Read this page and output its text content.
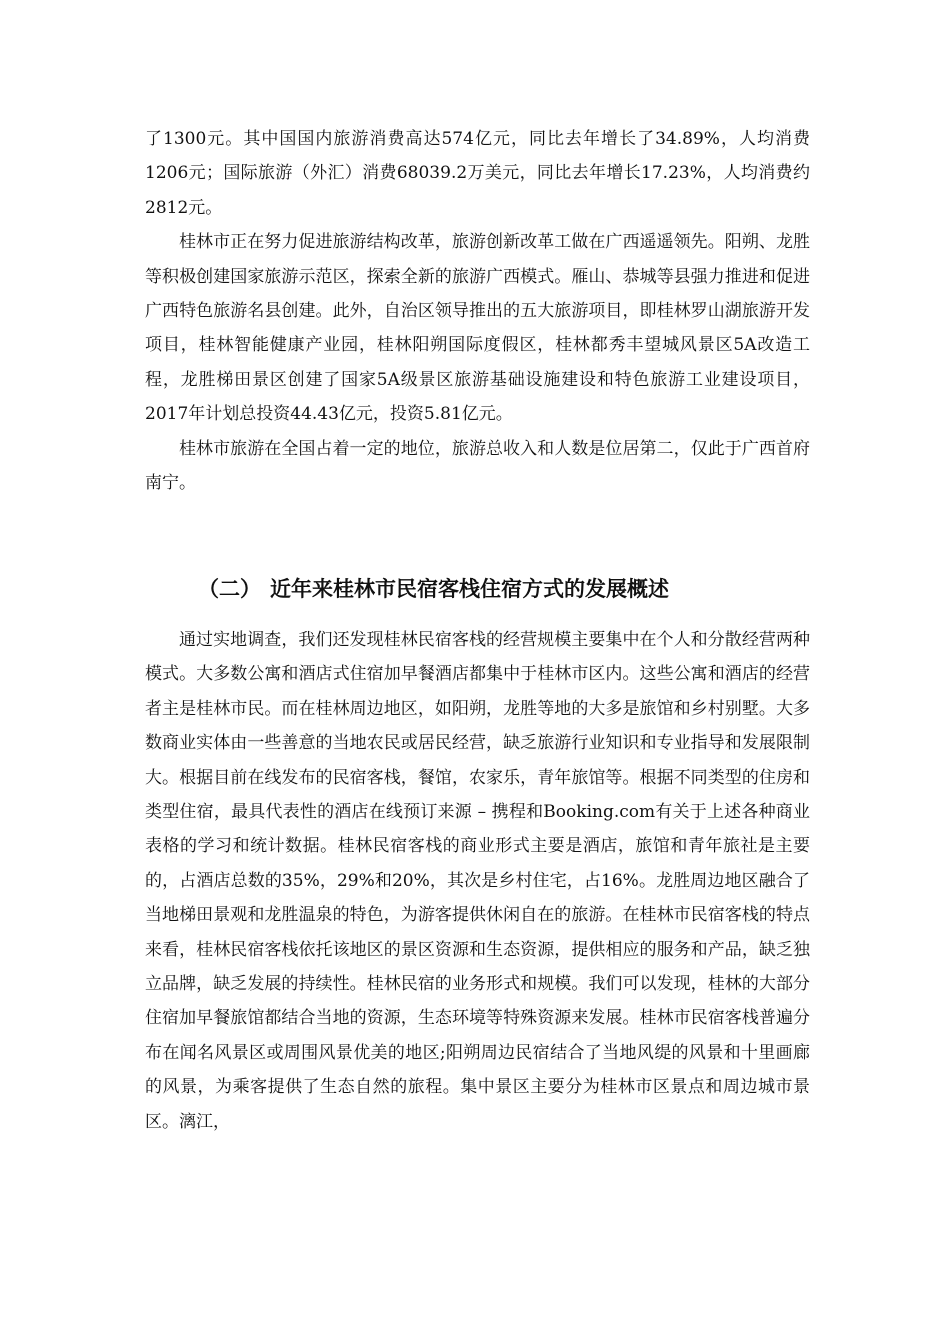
了1300元。其中国国内旅游消费高达574亿元，同比去年增长了34.89%，人均消费1206元；国际旅游（外汇）消费68039.2万美元，同比去年增长17.23%，人均消费约2812元。

桂林市正在努力促进旅游结构改革，旅游创新改革工做在广西遥遥领先。阳朔、龙胜等积极创建国家旅游示范区，探索全新的旅游广西模式。雁山、恭城等县强力推进和促进广西特色旅游名县创建。此外，自治区领导推出的五大旅游项目，即桂林罗山湖旅游开发项目，桂林智能健康产业园，桂林阳朔国际度假区，桂林都秀丰望城风景区5A改造工程，龙胜梯田景区创建了国家5A级景区旅游基础设施建设和特色旅游工业建设项目，2017年计划总投资44.43亿元，投资5.81亿元。

桂林市旅游在全国占着一定的地位，旅游总收入和人数是位居第二，仅此于广西首府南宁。

（二） 近年来桂林市民宿客栈住宿方式的发展概述

通过实地调查，我们还发现桂林民宿客栈的经营规模主要集中在个人和分散经营两种模式。大多数公寓和酒店式住宿加早餐酒店都集中于桂林市区内。这些公寓和酒店的经营者主是桂林市民。而在桂林周边地区，如阳朔，龙胜等地的大多是旅馆和乡村别墅。大多数商业实体由一些善意的当地农民或居民经营，缺乏旅游行业知识和专业指导和发展限制大。根据目前在线发布的民宿客栈，餐馆，农家乐，青年旅馆等。根据不同类型的住房和类型住宿，最具代表性的酒店在线预订来源 – 携程和Booking.com有关于上述各种商业表格的学习和统计数据。桂林民宿客栈的商业形式主要是酒店，旅馆和青年旅社是主要的，占酒店总数的35%，29%和20%，其次是乡村住宅，占16%。龙胜周边地区融合了当地梯田景观和龙胜温泉的特色，为游客提供休闲自在的旅游。在桂林市民宿客栈的特点来看，桂林民宿客栈依托该地区的景区资源和生态资源，提供相应的服务和产品，缺乏独立品牌，缺乏发展的持续性。桂林民宿的业务形式和规模。我们可以发现，桂林的大部分住宿加早餐旅馆都结合当地的资源，生态环境等特殊资源来发展。桂林市民宿客栈普遍分布在闻名风景区或周围风景优美的地区;阳朔周边民宿结合了当地风缇的风景和十里画廊的风景，为乘客提供了生态自然的旅程。集中景区主要分为桂林市区景点和周边城市景区。漓江，
